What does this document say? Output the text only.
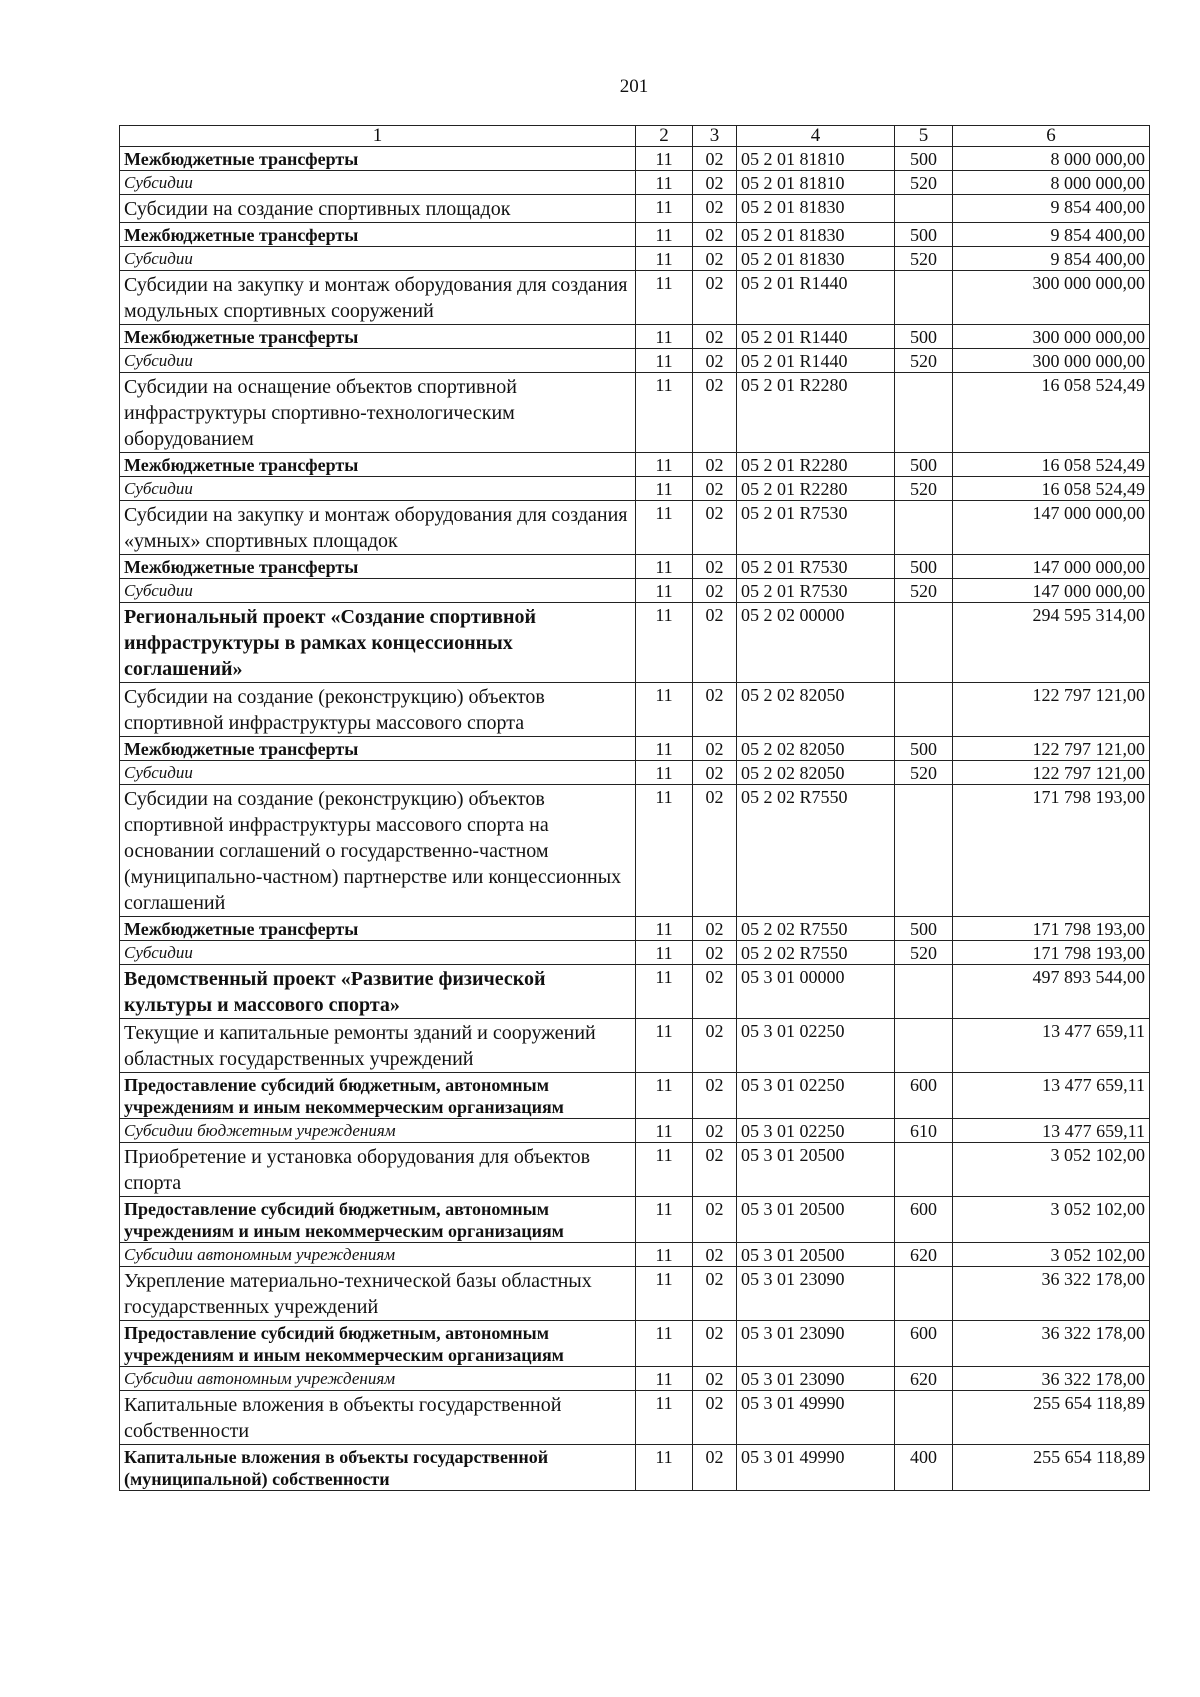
201
1	2	3	4	5	6
Межбюджетные трансферты	11	02	05 2 01 81810	500	8 000 000,00
Субсидии	11	02	05 2 01 81810	520	8 000 000,00
Субсидии на создание спортивных площадок	11	02	05 2 01 81830		9 854 400,00
Межбюджетные трансферты	11	02	05 2 01 81830	500	9 854 400,00
Субсидии	11	02	05 2 01 81830	520	9 854 400,00
Субсидии на закупку и монтаж оборудования для создания модульных спортивных сооружений	11	02	05 2 01 R1440		300 000 000,00
Межбюджетные трансферты	11	02	05 2 01 R1440	500	300 000 000,00
Субсидии	11	02	05 2 01 R1440	520	300 000 000,00
Субсидии на оснащение объектов спортивной инфраструктуры спортивно-технологическим оборудованием	11	02	05 2 01 R2280		16 058 524,49
Межбюджетные трансферты	11	02	05 2 01 R2280	500	16 058 524,49
Субсидии	11	02	05 2 01 R2280	520	16 058 524,49
Субсидии на закупку и монтаж оборудования для создания «умных» спортивных площадок	11	02	05 2 01 R7530		147 000 000,00
Межбюджетные трансферты	11	02	05 2 01 R7530	500	147 000 000,00
Субсидии	11	02	05 2 01 R7530	520	147 000 000,00
Региональный проект «Создание спортивной инфраструктуры в рамках концессионных соглашений»	11	02	05 2 02 00000		294 595 314,00
Субсидии на создание (реконструкцию) объектов спортивной инфраструктуры массового спорта	11	02	05 2 02 82050		122 797 121,00
Межбюджетные трансферты	11	02	05 2 02 82050	500	122 797 121,00
Субсидии	11	02	05 2 02 82050	520	122 797 121,00
Субсидии на создание (реконструкцию) объектов спортивной инфраструктуры массового спорта на основании соглашений о государственно-частном (муниципально-частном) партнерстве или концессионных соглашений	11	02	05 2 02 R7550		171 798 193,00
Межбюджетные трансферты	11	02	05 2 02 R7550	500	171 798 193,00
Субсидии	11	02	05 2 02 R7550	520	171 798 193,00
Ведомственный проект «Развитие физической культуры и массового спорта»	11	02	05 3 01 00000		497 893 544,00
Текущие и капитальные ремонты зданий и сооружений областных государственных учреждений	11	02	05 3 01 02250		13 477 659,11
Предоставление субсидий бюджетным, автономным учреждениям и иным некоммерческим организациям	11	02	05 3 01 02250	600	13 477 659,11
Субсидии бюджетным учреждениям	11	02	05 3 01 02250	610	13 477 659,11
Приобретение и установка оборудования для объектов спорта	11	02	05 3 01 20500		3 052 102,00
Предоставление субсидий бюджетным, автономным учреждениям и иным некоммерческим организациям	11	02	05 3 01 20500	600	3 052 102,00
Субсидии автономным учреждениям	11	02	05 3 01 20500	620	3 052 102,00
Укрепление материально-технической базы областных государственных учреждений	11	02	05 3 01 23090		36 322 178,00
Предоставление субсидий бюджетным, автономным учреждениям и иным некоммерческим организациям	11	02	05 3 01 23090	600	36 322 178,00
Субсидии автономным учреждениям	11	02	05 3 01 23090	620	36 322 178,00
Капитальные вложения в объекты государственной собственности	11	02	05 3 01 49990		255 654 118,89
Капитальные вложения в объекты государственной (муниципальной) собственности	11	02	05 3 01 49990	400	255 654 118,89
